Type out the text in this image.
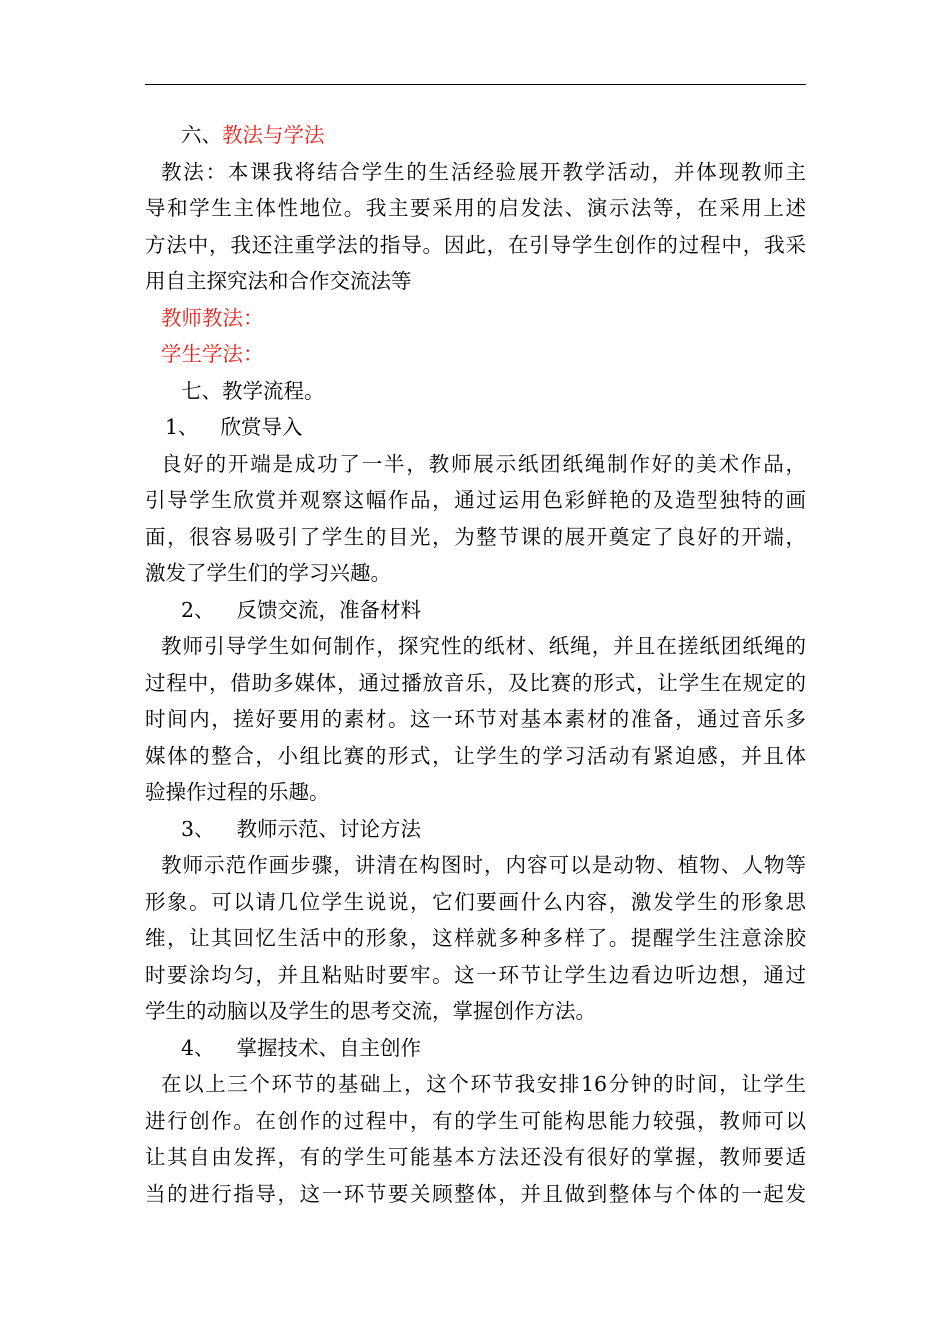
六、教法与学法
教法：本课我将结合学生的生活经验展开教学活动，并体现教师主
导和学生主体性地位。我主要采用的启发法、演示法等，在采用上述
方法中，我还注重学法的指导。因此，在引导学生创作的过程中，我采
用自主探究法和合作交流法等
教师教法：
学生学法：
七、教学流程。
1、 欣赏导入
良好的开端是成功了一半，教师展示纸团纸绳制作好的美术作品，
引导学生欣赏并观察这幅作品，通过运用色彩鲜艳的及造型独特的画
面，很容易吸引了学生的目光，为整节课的展开奠定了良好的开端，
激发了学生们的学习兴趣。
2、 反馈交流，准备材料
教师引导学生如何制作，探究性的纸材、纸绳，并且在搓纸团纸绳的
过程中，借助多媒体，通过播放音乐，及比赛的形式，让学生在规定的
时间内，搓好要用的素材。这一环节对基本素材的准备，通过音乐多
媒体的整合，小组比赛的形式，让学生的学习活动有紧迫感，并且体
验操作过程的乐趣。
3、 教师示范、讨论方法
教师示范作画步骤，讲清在构图时，内容可以是动物、植物、人物等
形象。可以请几位学生说说，它们要画什么内容，激发学生的形象思
维，让其回忆生活中的形象，这样就多种多样了。提醒学生注意涂胶
时要涂均匀，并且粘贴时要牢。这一环节让学生边看边听边想，通过
学生的动脑以及学生的思考交流，掌握创作方法。
4、 掌握技术、自主创作
在以上三个环节的基础上，这个环节我安排16分钟的时间，让学生
进行创作。在创作的过程中，有的学生可能构思能力较强，教师可以
让其自由发挥，有的学生可能基本方法还没有很好的掌握，教师要适
当的进行指导，这一环节要关顾整体，并且做到整体与个体的一起发
